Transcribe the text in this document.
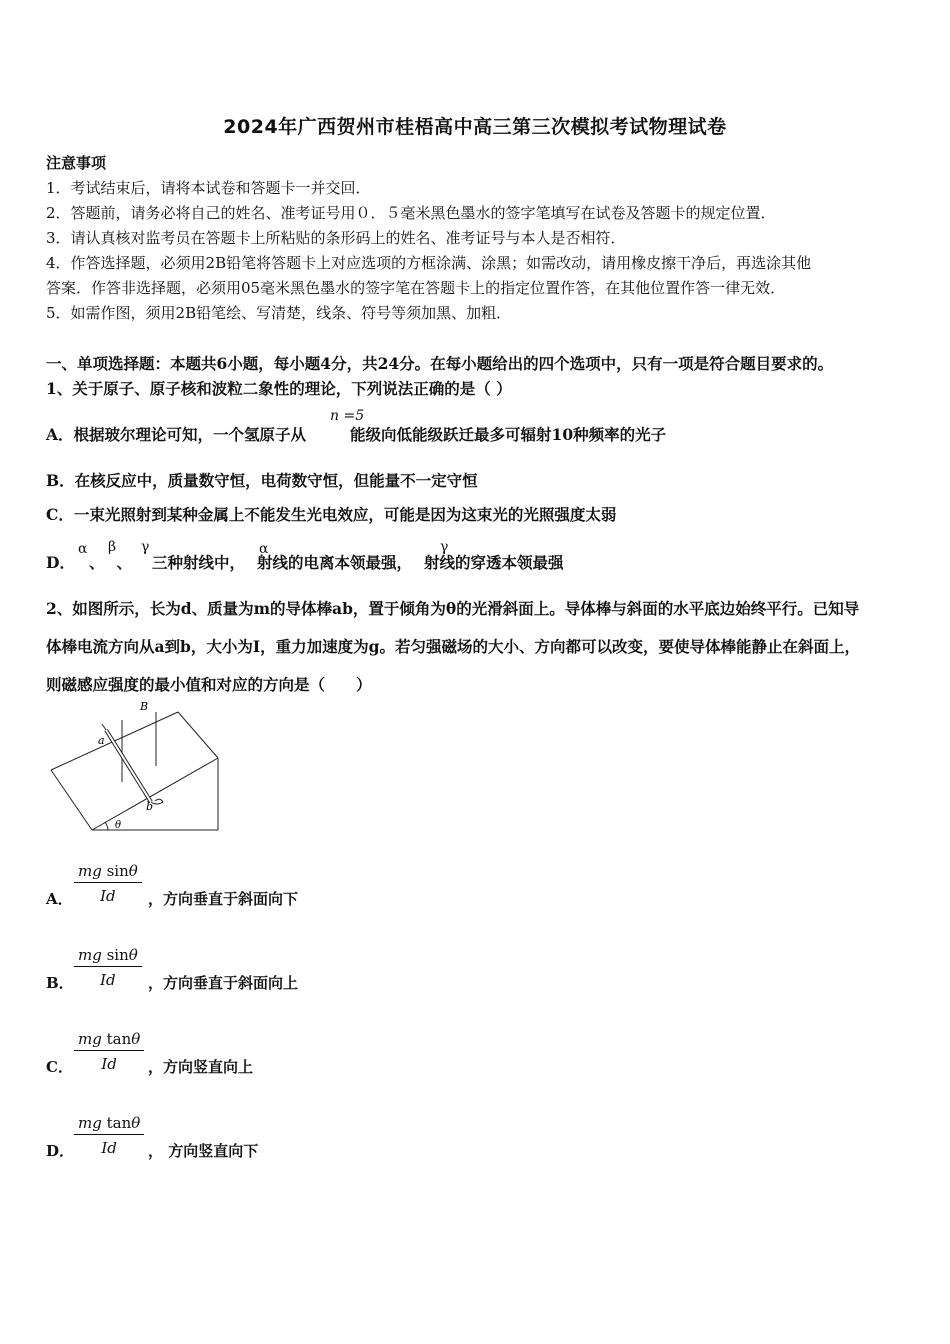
2024年广西贺州市桂梧高中高三第三次模拟考试物理试卷
注意事项
1．考试结束后，请将本试卷和答题卡一并交回．
2．答题前，请务必将自己的姓名、准考证号用０．５毫米黑色墨水的签字笔填写在试卷及答题卡的规定位置．
3．请认真核对监考员在答题卡上所粘贴的条形码上的姓名、准考证号与本人是否相符．
4．作答选择题，必须用2B铅笔将答题卡上对应选项的方框涂满、涂黑；如需改动，请用橡皮擦干净后，再选涂其他
答案．作答非选择题，必须用05毫米黑色墨水的签字笔在答题卡上的指定位置作答，在其他位置作答一律无效．
5．如需作图，须用2B铅笔绘、写清楚，线条、符号等须加黑、加粗．
一、单项选择题：本题共6小题，每小题4分，共24分。在每小题给出的四个选项中，只有一项是符合题目要求的。
1、关于原子、原子核和波粒二象性的理论，下列说法正确的是（ ）
A．根据玻尔理论可知，一个氢原子从	能级向低能级跃迁最多可辐射10种频率的光子
n =5
B．在核反应中，质量数守恒，电荷数守恒，但能量不一定守恒
C．一束光照射到某种金属上不能发生光电效应，可能是因为这束光的光照强度太弱
D． 、 、 三种射线中， 射线的电离本领最强， 射线的穿透本领最强
α β γ	α	γ
2、如图所示，长为d、质量为m的导体棒ab，置于倾角为θ的光滑斜面上。导体棒与斜面的水平底边始终平行。已知导
体棒电流方向从a到b，大小为I，重力加速度为g。若匀强磁场的大小、方向都可以改变，要使导体棒能静止在斜面上，
则磁感应强度的最小值和对应的方向是（　　）
B
a
b
θ
A． $\frac{\text{mg sinθ}}{Id}$ ，方向垂直于斜面向下
B． $\frac{\text{mg sinθ}}{Id}$ ，方向垂直于斜面向上
C． $\frac{\text{mg tanθ}}{Id}$ ，方向竖直向上
D． $\frac{\text{mg tanθ}}{Id}$ ， 方向竖直向下
